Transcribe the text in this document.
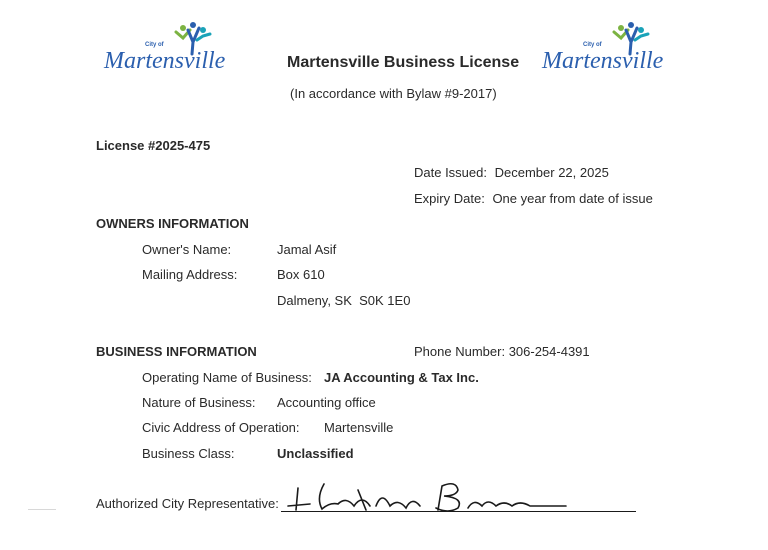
City of
Martensville
City of
Martensville
Martensville Business License
(In accordance with Bylaw #9-2017)
License #2025-475
Date Issued: December 22, 2025
Expiry Date: One year from date of issue
OWNERS INFORMATION
Owner's Name:	Jamal Asif
Mailing Address:	Box 610
Dalmeny, SK  S0K 1E0
BUSINESS INFORMATION	Phone Number: 306-254-4391
Operating Name of Business: JA Accounting & Tax Inc.
Nature of Business: Accounting office
Civic Address of Operation: Martensville
Business Class:	Unclassified
Authorized City Representative:
